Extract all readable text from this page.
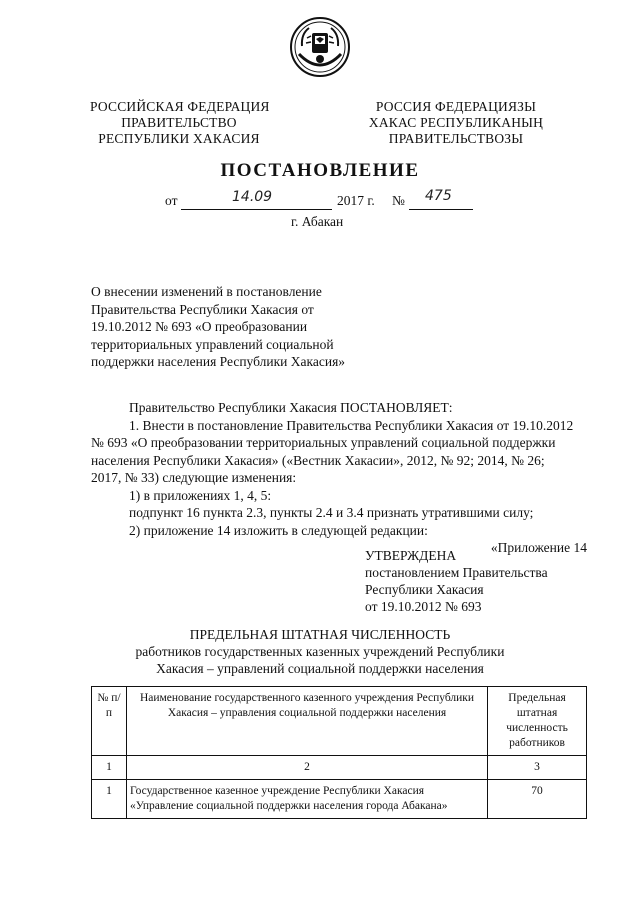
РОССИЙСКАЯ ФЕДЕРАЦИЯ
ПРАВИТЕЛЬСТВО
РЕСПУБЛИКИ ХАКАСИЯ
РОССИЯ ФЕДЕРАЦИЯЗЫ
ХАКАС РЕСПУБЛИКАНЫҢ
ПРАВИТЕЛЬСТВОЗЫ
ПОСТАНОВЛЕНИЕ
от	14.09	2017 г. № 475
г. Абакан
О внесении изменений в постановление
Правительства Республики Хакасия от
19.10.2012 № 693 «О преобразовании
территориальных управлений социальной
поддержки населения Республики Хакасия»
Правительство Республики Хакасия ПОСТАНОВЛЯЕТ:
1. Внести в постановление Правительства Республики Хакасия от 19.10.2012
№ 693 «О преобразовании территориальных управлений социальной поддержки
населения Республики Хакасия» («Вестник Хакасии», 2012, № 92; 2014, № 26;
2017, № 33) следующие изменения:
1) в приложениях 1, 4, 5:
подпункт 16 пункта 2.3, пункты 2.4 и 3.4 признать утратившими силу;
2) приложение 14 изложить в следующей редакции:
«Приложение 14
УТВЕРЖДЕНА
постановлением Правительства
Республики Хакасия
от 19.10.2012 № 693
ПРЕДЕЛЬНАЯ ШТАТНАЯ ЧИСЛЕННОСТЬ
работников государственных казенных учреждений Республики
Хакасия – управлений социальной поддержки населения
№ п/п	Наименование государственного казенного учреждения Республики Хакасия – управления социальной поддержки населения	Предельная штатная численность работников
1	2	3
1	Государственное казенное учреждение Республики Хакасия «Управление социальной поддержки населения города Абакана»	70
